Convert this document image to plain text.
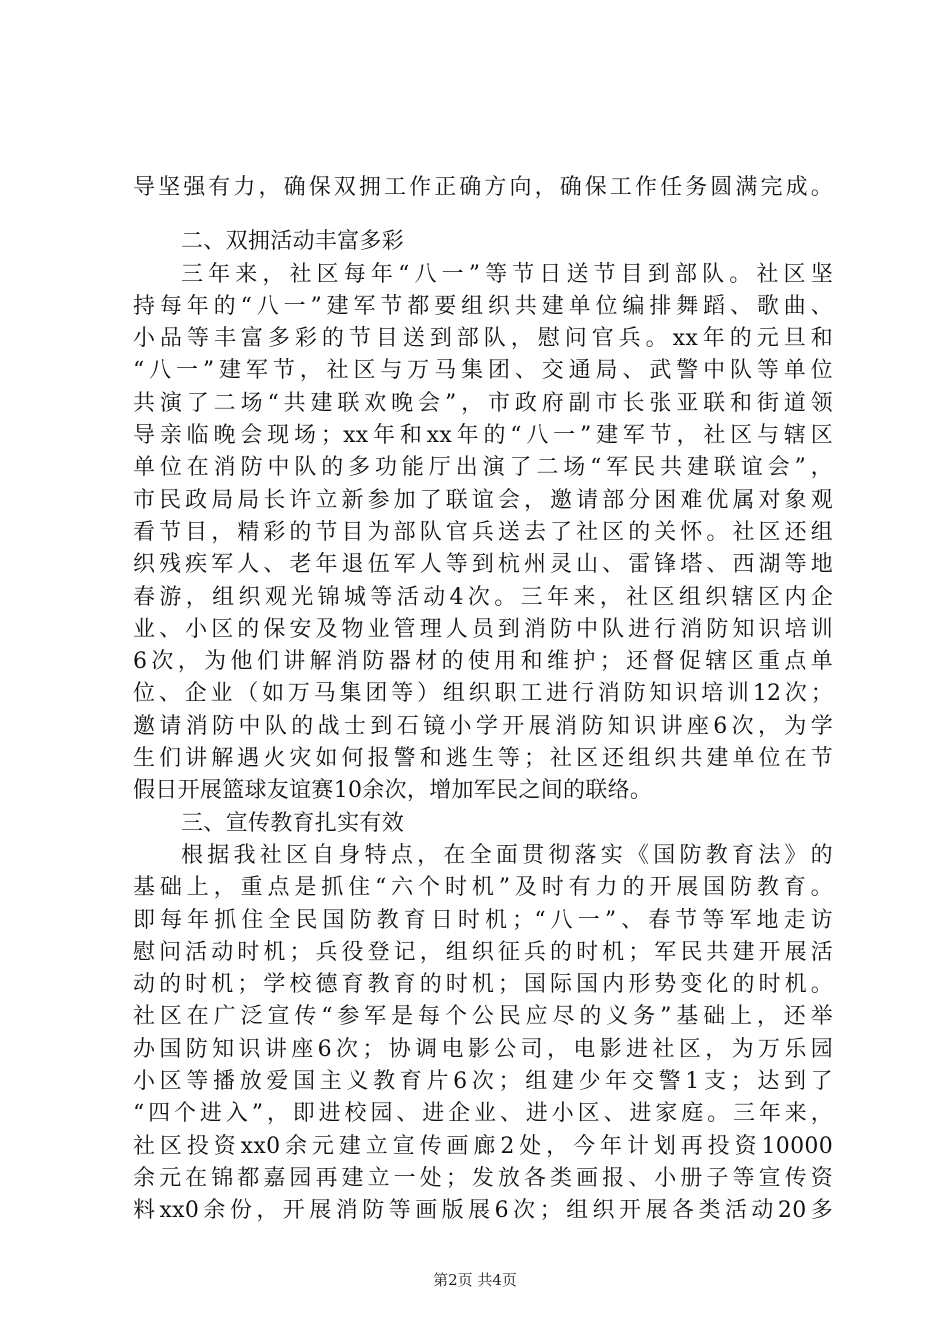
导坚强有力，确保双拥工作正确方向，确保工作任务圆满完成。
二、双拥活动丰富多彩
三年来，社区每年“八一”等节日送节目到部队。社区坚
持每年的“八一”建军节都要组织共建单位编排舞蹈、歌曲、
小品等丰富多彩的节目送到部队，慰问官兵。xx年的元旦和
“八一”建军节，社区与万马集团、交通局、武警中队等单位
共演了二场“共建联欢晚会”，市政府副市长张亚联和街道领
导亲临晚会现场；xx年和xx年的“八一”建军节，社区与辖区
单位在消防中队的多功能厅出演了二场“军民共建联谊会”，
市民政局局长许立新参加了联谊会，邀请部分困难优属对象观
看节目，精彩的节目为部队官兵送去了社区的关怀。社区还组
织残疾军人、老年退伍军人等到杭州灵山、雷锋塔、西湖等地
春游，组织观光锦城等活动4次。三年来，社区组织辖区内企
业、小区的保安及物业管理人员到消防中队进行消防知识培训
6次，为他们讲解消防器材的使用和维护；还督促辖区重点单
位、企业（如万马集团等）组织职工进行消防知识培训12次；
邀请消防中队的战士到石镜小学开展消防知识讲座6次，为学
生们讲解遇火灾如何报警和逃生等；社区还组织共建单位在节
假日开展篮球友谊赛10余次，增加军民之间的联络。
三、宣传教育扎实有效
根据我社区自身特点，在全面贯彻落实《国防教育法》的
基础上，重点是抓住“六个时机”及时有力的开展国防教育。
即每年抓住全民国防教育日时机；“八一”、春节等军地走访
慰问活动时机；兵役登记，组织征兵的时机；军民共建开展活
动的时机；学校德育教育的时机；国际国内形势变化的时机。
社区在广泛宣传“参军是每个公民应尽的义务”基础上，还举
办国防知识讲座6次；协调电影公司，电影进社区，为万乐园
小区等播放爱国主义教育片6次；组建少年交警1支；达到了
“四个进入”，即进校园、进企业、进小区、进家庭。三年来，
社区投资xx0余元建立宣传画廊2处，今年计划再投资10000
余元在锦都嘉园再建立一处；发放各类画报、小册子等宣传资
料xx0余份，开展消防等画版展6次；组织开展各类活动20多
第2页 共4页
